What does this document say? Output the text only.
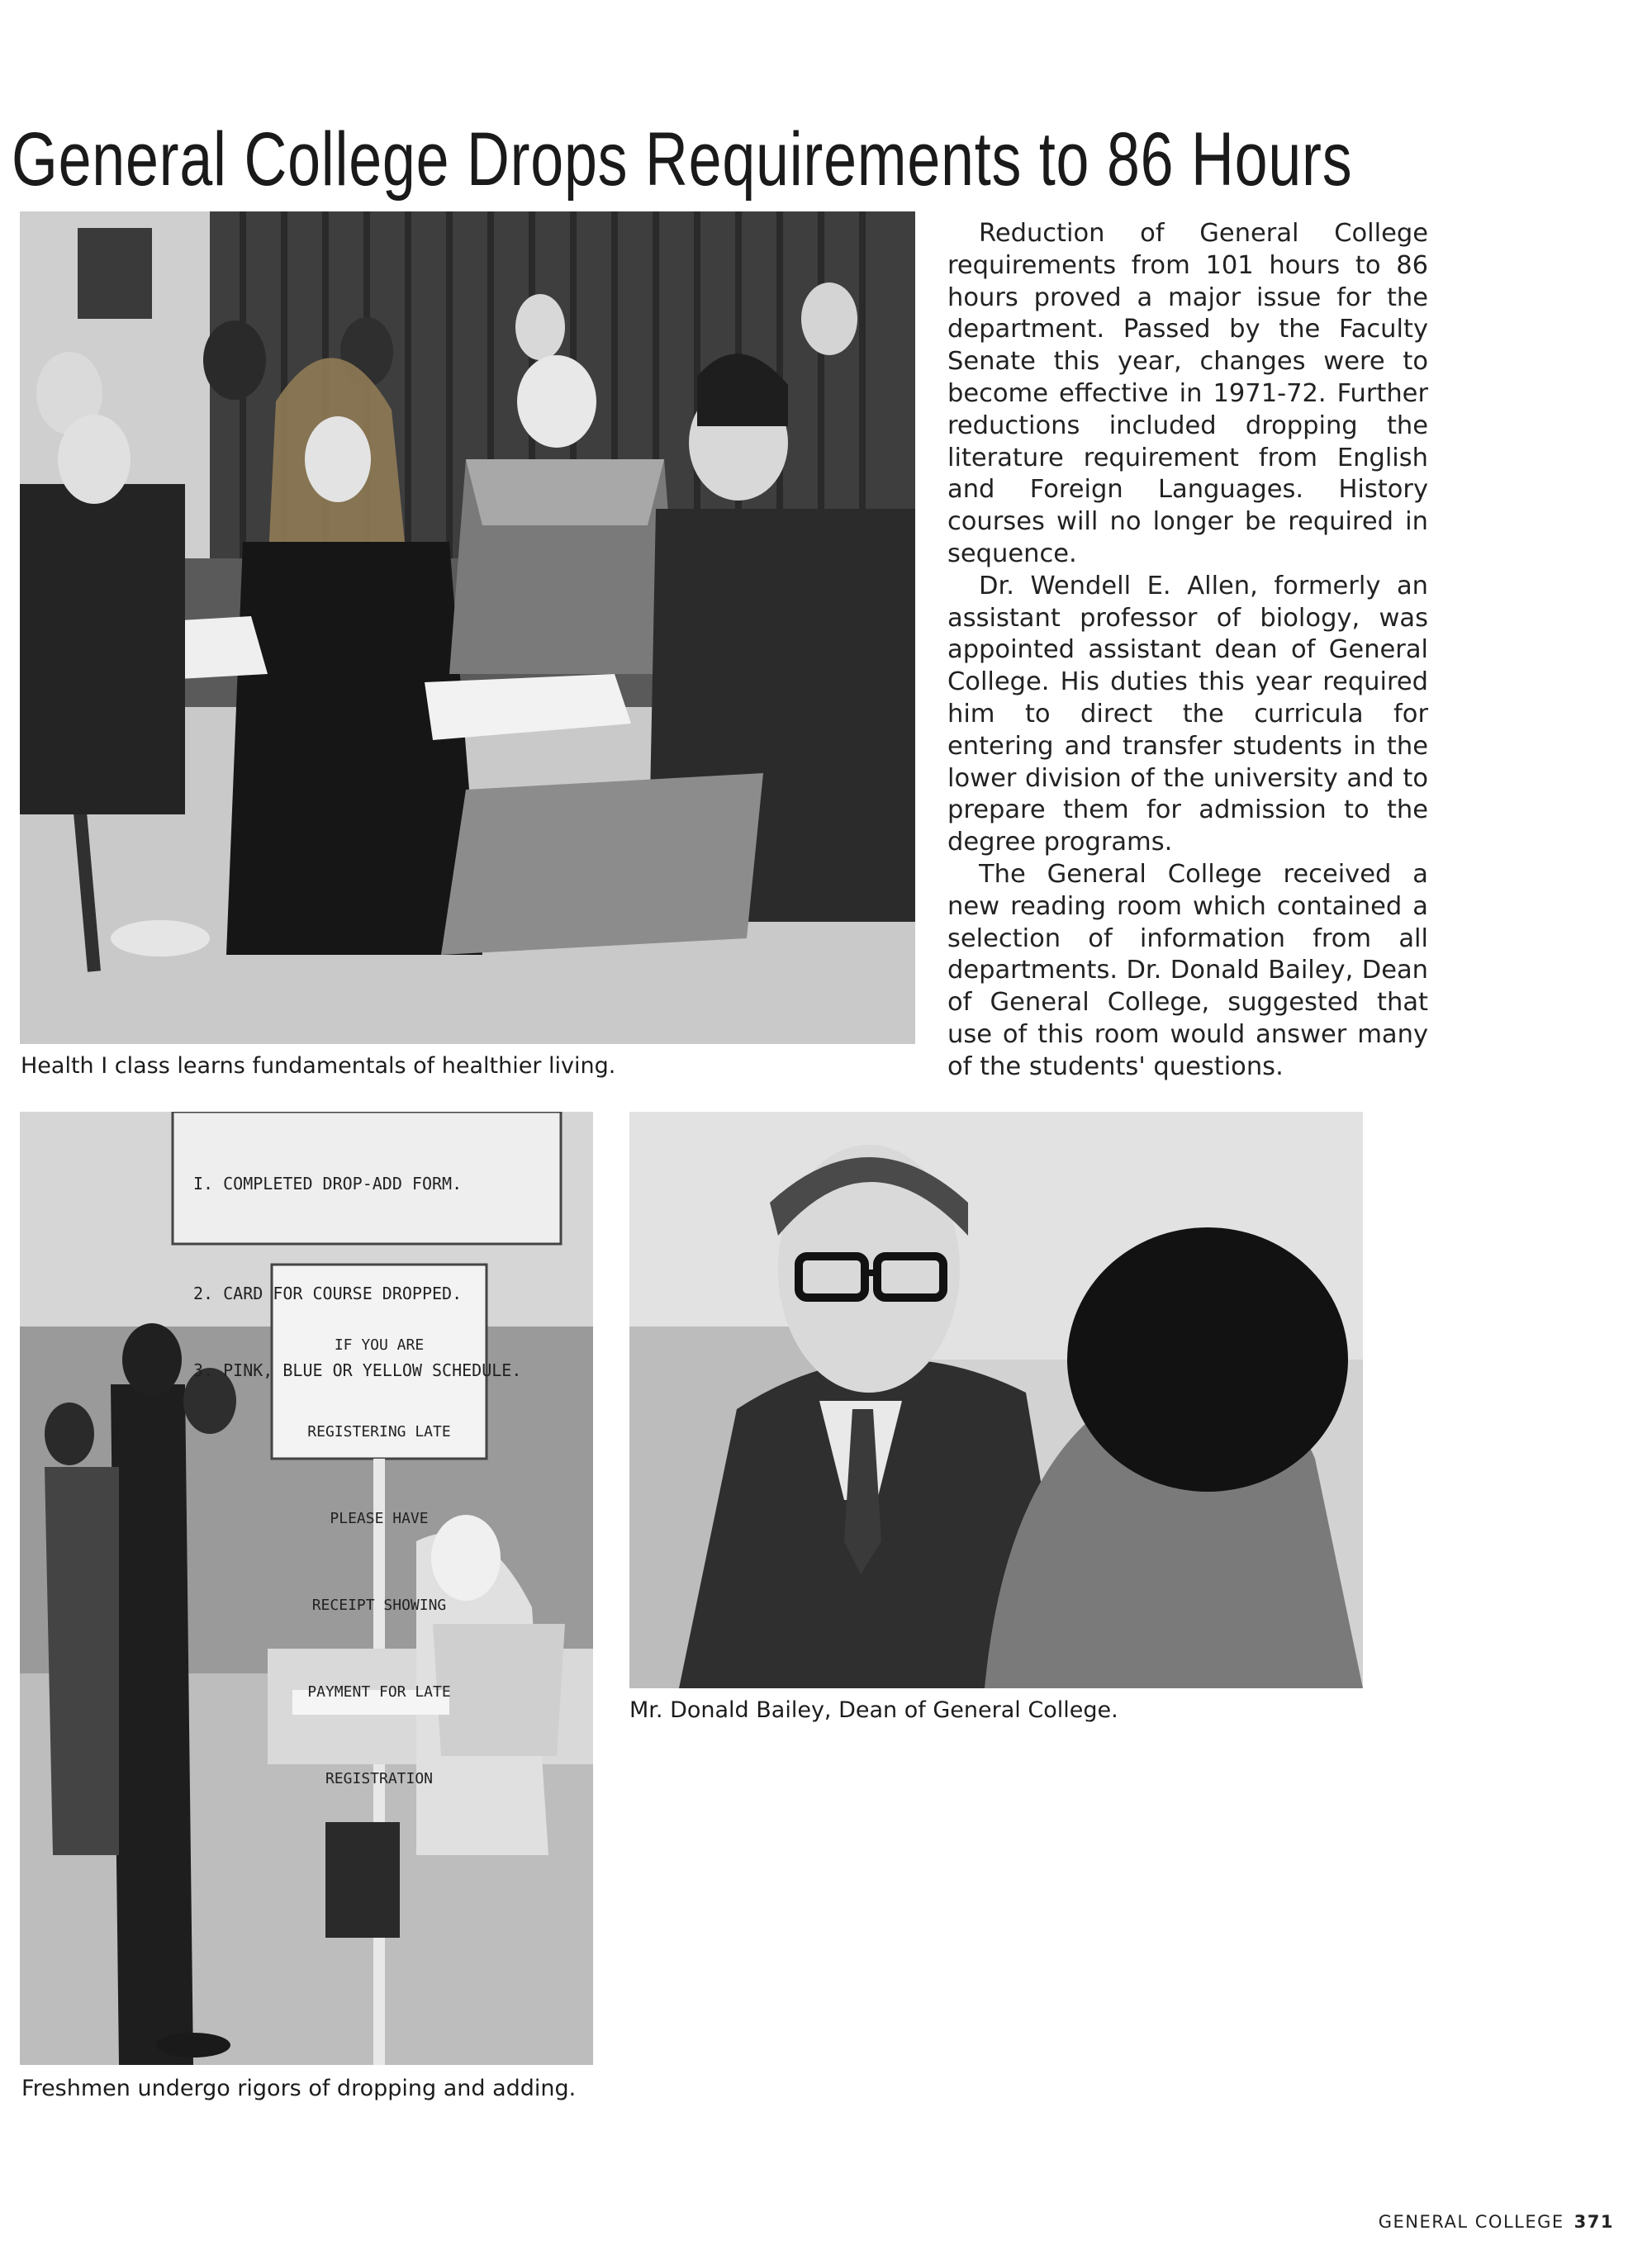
General College Drops Requirements to 86 Hours
Health I class learns fundamentals of healthier living.

Reduction of General College requirements from 101 hours to 86 hours proved a major issue for the department. Passed by the Faculty Senate this year, changes were to become effective in 1971-72. Further reductions included dropping the literature requirement from English and Foreign Languages. History courses will no longer be required in sequence.

Dr. Wendell E. Allen, formerly an assistant professor of biology, was appointed assistant dean of General College. His duties this year required him to direct the curricula for entering and transfer students in the lower division of the university and to prepare them for admission to the degree programs.

The General College received a new reading room which contained a selection of information from all departments. Dr. Donald Bailey, Dean of General College, suggested that use of this room would answer many of the students' questions.

I. COMPLETED DROP-ADD FORM.

2. CARD FOR COURSE DROPPED.

3. PINK, BLUE OR YELLOW SCHEDULE.

IF YOU ARE

REGISTERING LATE

PLEASE HAVE

RECEIPT SHOWING

PAYMENT FOR LATE

REGISTRATION

Freshmen undergo rigors of dropping and adding.
Mr. Donald Bailey, Dean of General College.
GENERAL COLLEGE 371
